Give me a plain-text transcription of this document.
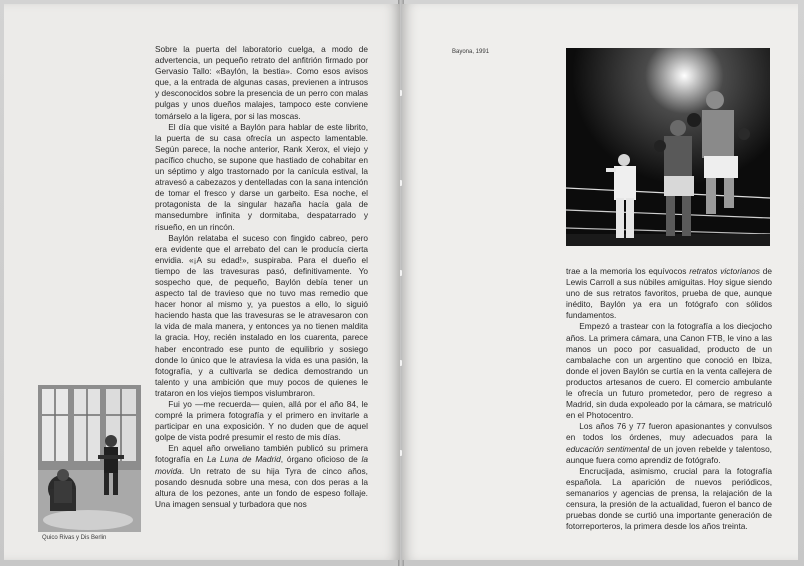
Sobre la puerta del laboratorio cuelga, a modo de advertencia, un pequeño retrato del anfitrión firmado por Gervasio Tallo: «Baylón, la bestia». Como esos avisos que, a la entrada de algunas casas, previenen a intrusos y desconocidos sobre la presencia de un perro con malas pulgas y unos dueños malajes, tampoco este conviene tomárselo a la ligera, por si las moscas.

El día que visité a Baylón para hablar de este librito, la puerta de su casa ofrecía un aspecto lamentable. Según parece, la noche anterior, Rank Xerox, el viejo y pacífico chucho, se supone que hastiado de cohabitar en un séptimo y algo trastornado por la canícula estival, la atravesó a cabezazos y dentelladas con la sana intención de tomar el fresco y darse un garbeito. Esa noche, el protagonista de la singular hazaña hacía gala de mansedumbre infinita y dormitaba, despatarrado y risueño, en un rincón.

Baylón relataba el suceso con fingido cabreo, pero era evidente que el arrebato del can le producía cierta envidia. «¡A su edad!», suspiraba. Para el dueño el tiempo de las travesuras pasó, definitivamente. Yo sospecho que, de pequeño, Baylón debía tener un aspecto tal de travieso que no tuvo mas remedio que hacer honor al mismo y, ya puestos a ello, lo siguió haciendo hasta que las travesuras se le atravesaron con la vida de mala manera, y entonces ya no tienen maldita la gracia. Hoy, recién instalado en los cuarenta, parece haber encontrado ese punto de equilibrio y sosiego donde lo único que le atraviesa la vida es una pasión, la fotografía, y a cultivarla se dedica demostrando un talento y una ambición que muy pocos de quienes le trataron en los viejos tiempos vislumbraron.

Fui yo —me recuerda— quien, allá por el año 84, le compré la primera fotografía y el primero en invitarle a participar en una exposición. Y no duden que de aquel golpe de vista podré presumir el resto de mis días.

En aquel año orweliano también publicó su primera fotografía en La Luna de Madrid, órgano oficioso de la movida. Un retrato de su hija Tyra de cinco años, posando desnuda sobre una mesa, con dos peras a la altura de los pezones, ante un fondo de espeso follaje. Una imagen sensual y turbadora que nos

Quico Rivas y Dis Berlin
Bayona, 1991

trae a la memoria los equívocos retratos victorianos de Lewis Carroll a sus núbiles amiguitas. Hoy sigue siendo uno de sus retratos favoritos, prueba de que, aunque inédito, Baylón ya era un fotógrafo con sólidos fundamentos.

Empezó a trastear con la fotografía a los diecjocho años. La primera cámara, una Canon FTB, le vino a las manos un poco por casualidad, producto de un cambalache con un argentino que conoció en Ibiza, donde el joven Baylón se curtía en la venta callejera de productos artesanos de cuero. El comercio ambulante le ofrecía un futuro prometedor, pero de regreso a Madrid, sin duda expoleado por la cámara, se matriculó en el Photocentro.

Los años 76 y 77 fueron apasionantes y convulsos en todos los órdenes, muy adecuados para la educación sentimental de un joven rebelde y talentoso, aunque fuera como aprendiz de fotógrafo.

Encrucijada, asimismo, crucial para la fotografía española. La aparición de nuevos periódicos, semanarios y agencias de prensa, la relajación de la censura, la presión de la actualidad, fueron el banco de pruebas donde se curtió una importante generación de fotorreporteros, la primera desde los años treinta.
